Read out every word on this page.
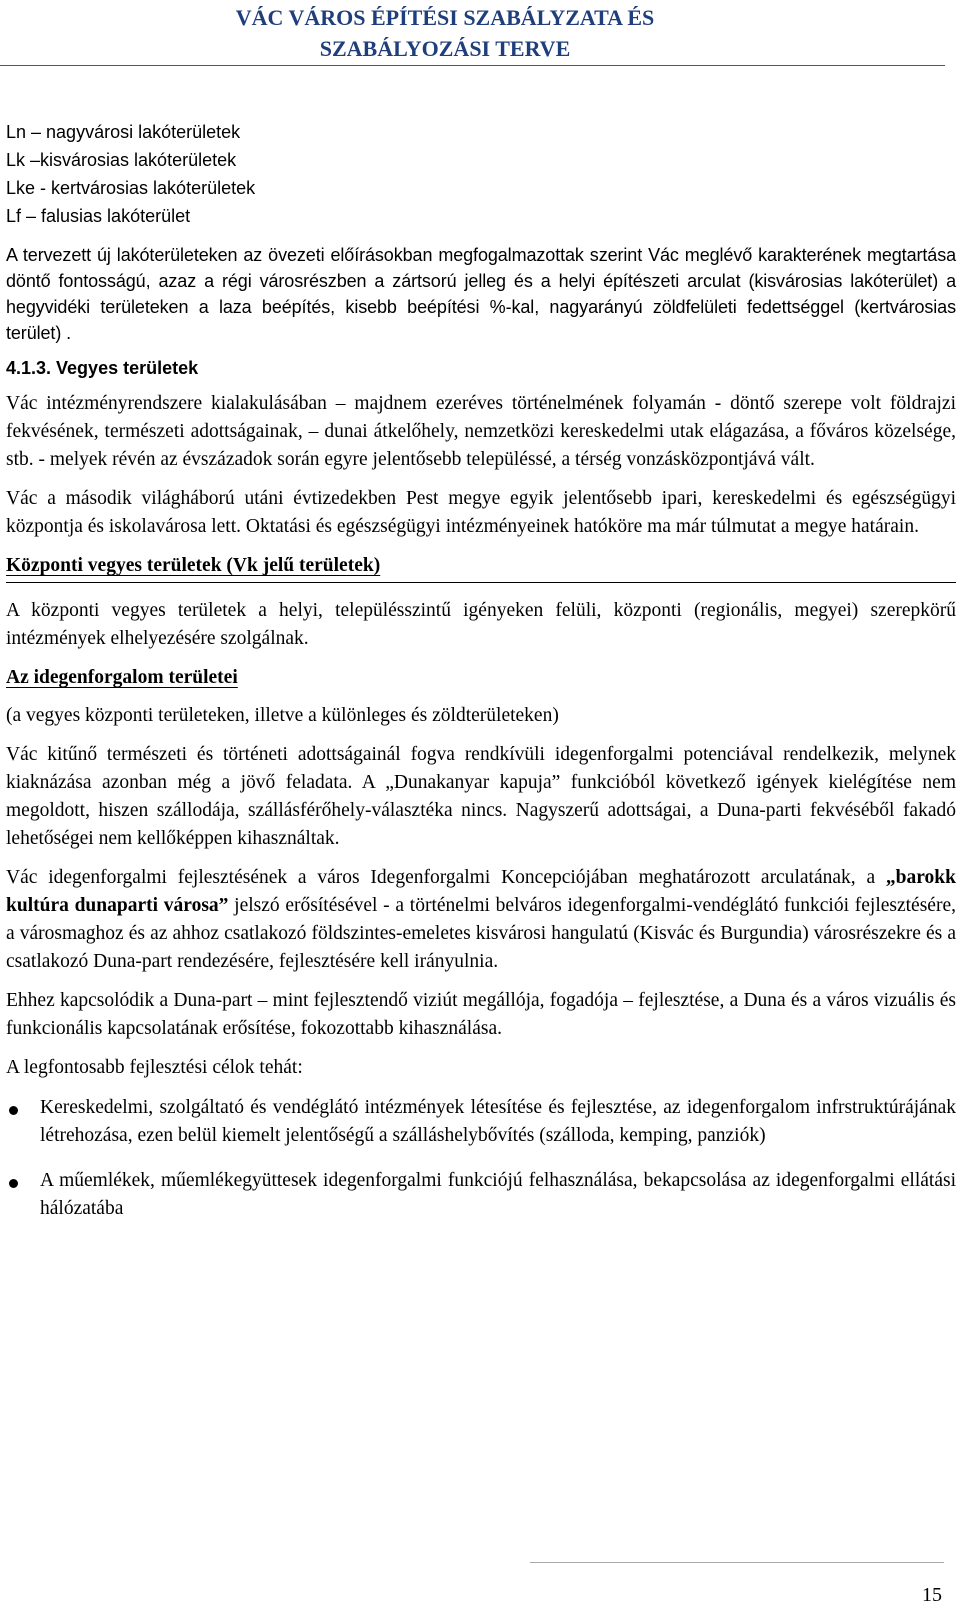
VÁC VÁROS ÉPÍTÉSI SZABÁLYZATA ÉS
SZABÁLYOZÁSI TERVE
Ln – nagyvárosi lakóterületek
Lk –kisvárosias lakóterületek
Lke - kertvárosias lakóterületek
Lf – falusias lakóterület

A tervezett új lakóterületeken az övezeti előírásokban megfogalmazottak szerint Vác meglévő karakterének megtartása döntő fontosságú, azaz a régi városrészben a zártsorú jelleg és a helyi építészeti arculat (kisvárosias lakóterület) a hegyvidéki területeken a laza beépítés, kisebb beépítési %-kal, nagyarányú zöldfelületi fedettséggel (kertvárosias terület) .

4.1.3. Vegyes területek

Vác intézményrendszere kialakulásában – majdnem ezeréves történelmének folyamán - döntő szerepe volt földrajzi fekvésének, természeti adottságainak, – dunai átkelőhely, nemzetközi kereskedelmi utak elágazása, a főváros közelsége, stb. - melyek révén az évszázadok során egyre jelentősebb településsé, a térség vonzásközpontjává vált.

Vác a második világháború utáni évtizedekben Pest megye egyik jelentősebb ipari, kereskedelmi és egészségügyi központja és iskolavárosa lett. Oktatási és egészségügyi intézményeinek hatóköre ma már túlmutat a megye határain.

Központi vegyes területek (Vk jelű területek)

A központi vegyes területek a helyi, településszintű igényeken felüli, központi (regionális, megyei) szerepkörű intézmények elhelyezésére szolgálnak.

Az idegenforgalom területei

(a vegyes központi területeken, illetve a különleges és zöldterületeken)

Vác kitűnő természeti és történeti adottságainál fogva rendkívüli idegenforgalmi potenciával rendelkezik, melynek kiaknázása azonban még a jövő feladata. A „Dunakanyar kapuja” funkcióból következő igények kielégítése nem megoldott, hiszen szállodája, szállásférőhely-választéka nincs. Nagyszerű adottságai, a Duna-parti fekvéséből fakadó lehetőségei nem kellőképpen kihasználtak.

Vác idegenforgalmi fejlesztésének a város Idegenforgalmi Koncepciójában meghatározott arculatának, a „barokk kultúra dunaparti városa” jelszó erősítésével - a történelmi belváros idegenforgalmi-vendéglátó funkciói fejlesztésére, a városmaghoz és az ahhoz csatlakozó földszintes-emeletes kisvárosi hangulatú (Kisvác és Burgundia) városrészekre és a csatlakozó Duna-part rendezésére, fejlesztésére kell irányulnia.

Ehhez kapcsolódik a Duna-part – mint fejlesztendő viziút megállója, fogadója – fejlesztése, a Duna és a város vizuális és funkcionális kapcsolatának erősítése, fokozottabb kihasználása.

A legfontosabb fejlesztési célok tehát:

Kereskedelmi, szolgáltató és vendéglátó intézmények létesítése és fejlesztése, az idegenforgalom infrstruktúrájának létrehozása, ezen belül kiemelt jelentőségű a szálláshelybővítés (szálloda, kemping, panziók)
A műemlékek, műemlékegyüttesek idegenforgalmi funkciójú felhasználása, bekapcsolása az idegenforgalmi ellátási hálózatába
15
